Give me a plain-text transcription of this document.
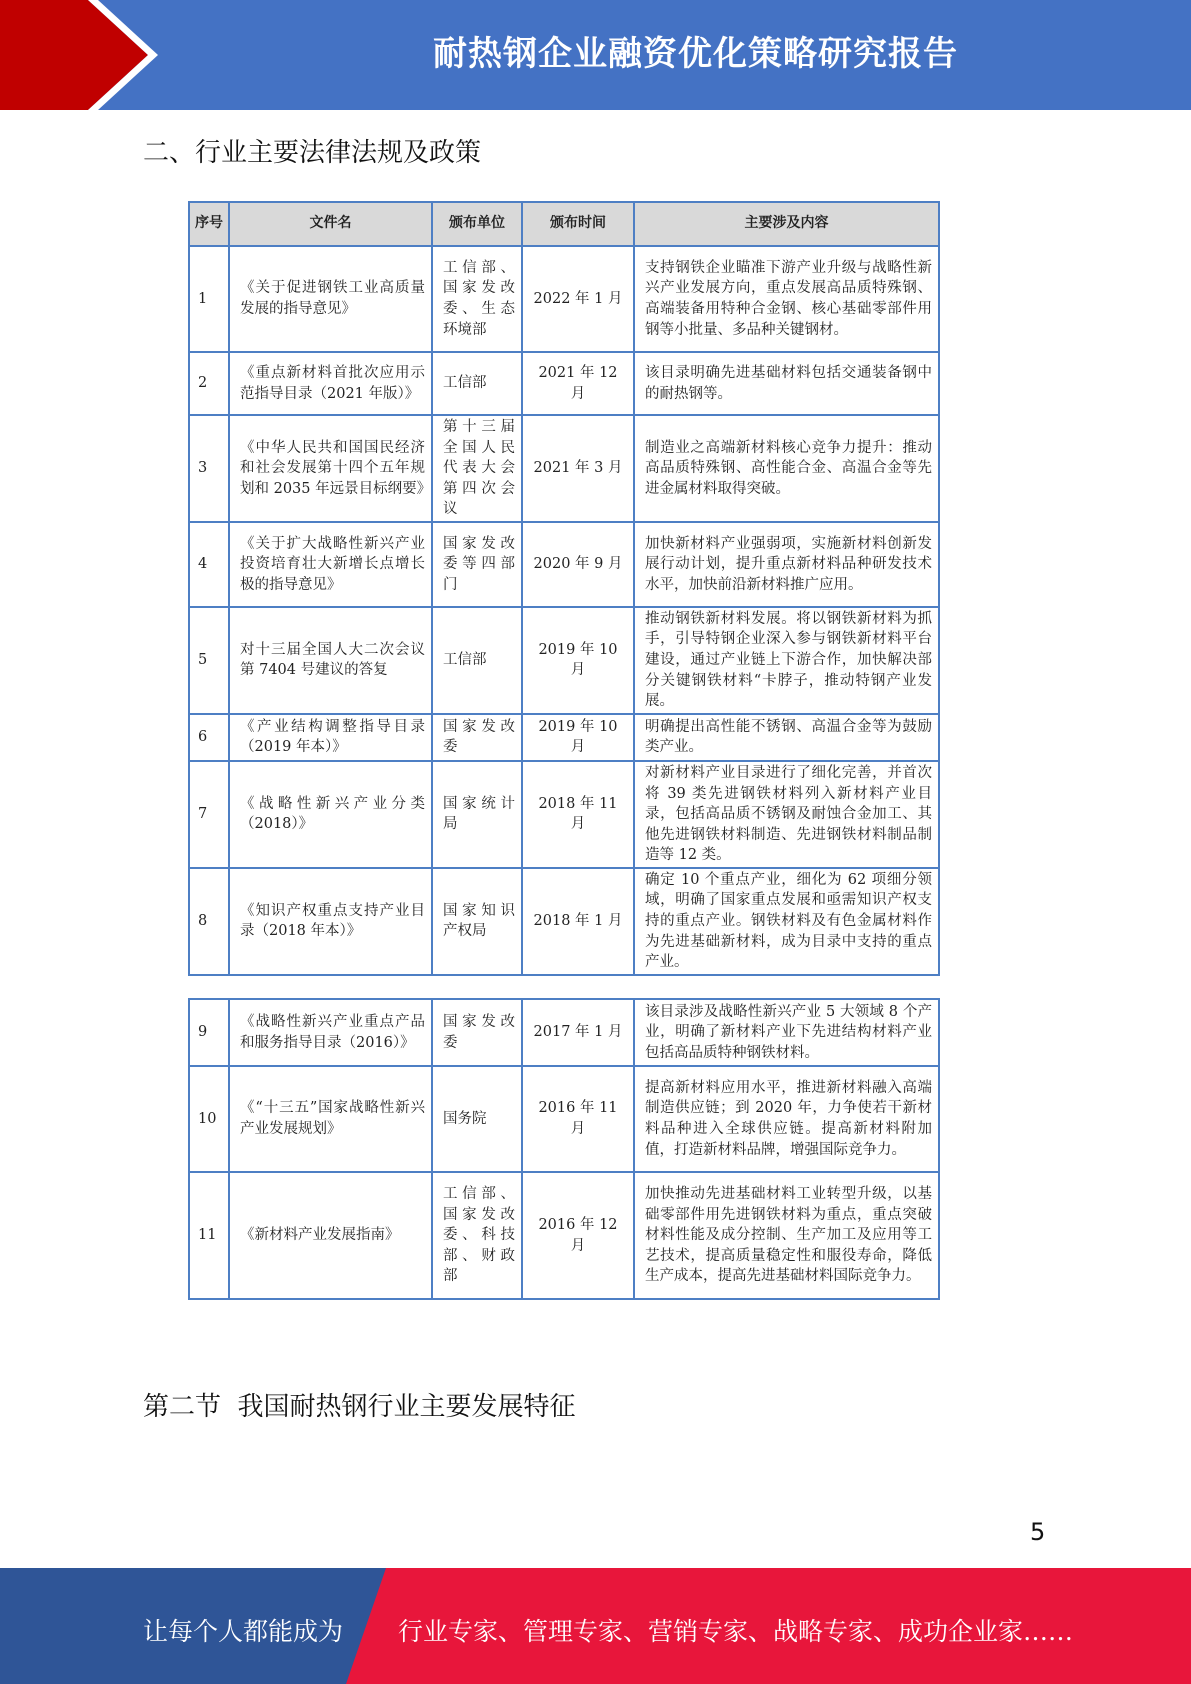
耐热钢企业融资优化策略研究报告
二、行业主要法律法规及政策
序号	文件名	颁布单位	颁布时间	主要涉及内容
1	《关于促进钢铁工业高质量发展的指导意见》	工信部、国家发改委、生态环境部	2022 年 1 月	支持钢铁企业瞄准下游产业升级与战略性新兴产业发展方向，重点发展高品质特殊钢、高端装备用特种合金钢、核心基础零部件用钢等小批量、多品种关键钢材。
2	《重点新材料首批次应用示范指导目录（2021 年版）》	工信部	2021 年 12 月	该目录明确先进基础材料包括交通装备钢中的耐热钢等。
3	《中华人民共和国国民经济和社会发展第十四个五年规划和 2035 年远景目标纲要》	第十三届全国人民代表大会第四次会议	2021 年 3 月	制造业之高端新材料核心竞争力提升：推动高品质特殊钢、高性能合金、高温合金等先进金属材料取得突破。
4	《关于扩大战略性新兴产业投资培育壮大新增长点增长极的指导意见》	国家发改委等四部门	2020 年 9 月	加快新材料产业强弱项，实施新材料创新发展行动计划，提升重点新材料品种研发技术水平，加快前沿新材料推广应用。
5	对十三届全国人大二次会议第 7404 号建议的答复	工信部	2019 年 10 月	推动钢铁新材料发展。将以钢铁新材料为抓手，引导特钢企业深入参与钢铁新材料平台建设，通过产业链上下游合作，加快解决部分关键钢铁材料“卡脖子，推动特钢产业发展。
6	《产业结构调整指导目录（2019 年本）》	国家发改委	2019 年 10 月	明确提出高性能不锈钢、高温合金等为鼓励类产业。
7	《战略性新兴产业分类（2018）》	国家统计局	2018 年 11 月	对新材料产业目录进行了细化完善，并首次将 39 类先进钢铁材料列入新材料产业目录，包括高品质不锈钢及耐蚀合金加工、其他先进钢铁材料制造、先进钢铁材料制品制造等 12 类。
8	《知识产权重点支持产业目录（2018 年本）》	国家知识产权局	2018 年 1 月	确定 10 个重点产业，细化为 62 项细分领域，明确了国家重点发展和亟需知识产权支持的重点产业。钢铁材料及有色金属材料作为先进基础新材料，成为目录中支持的重点产业。
9	《战略性新兴产业重点产品和服务指导目录（2016）》	国家发改委	2017 年 1 月	该目录涉及战略性新兴产业 5 大领域 8 个产业，明确了新材料产业下先进结构材料产业包括高品质特种钢铁材料。
10	《“十三五”国家战略性新兴产业发展规划》	国务院	2016 年 11 月	提高新材料应用水平，推进新材料融入高端制造供应链；到 2020 年，力争使若干新材料品种进入全球供应链。提高新材料附加值，打造新材料品牌，增强国际竞争力。
11	《新材料产业发展指南》	工信部、国家发改委、科技部、财政部	2016 年 12 月	加快推动先进基础材料工业转型升级，以基础零部件用先进钢铁材料为重点，重点突破材料性能及成分控制、生产加工及应用等工艺技术，提高质量稳定性和服役寿命，降低生产成本，提高先进基础材料国际竞争力。
第二节  我国耐热钢行业主要发展特征
5
让每个人都能成为 行业专家、管理专家、营销专家、战略专家、成功企业家……
